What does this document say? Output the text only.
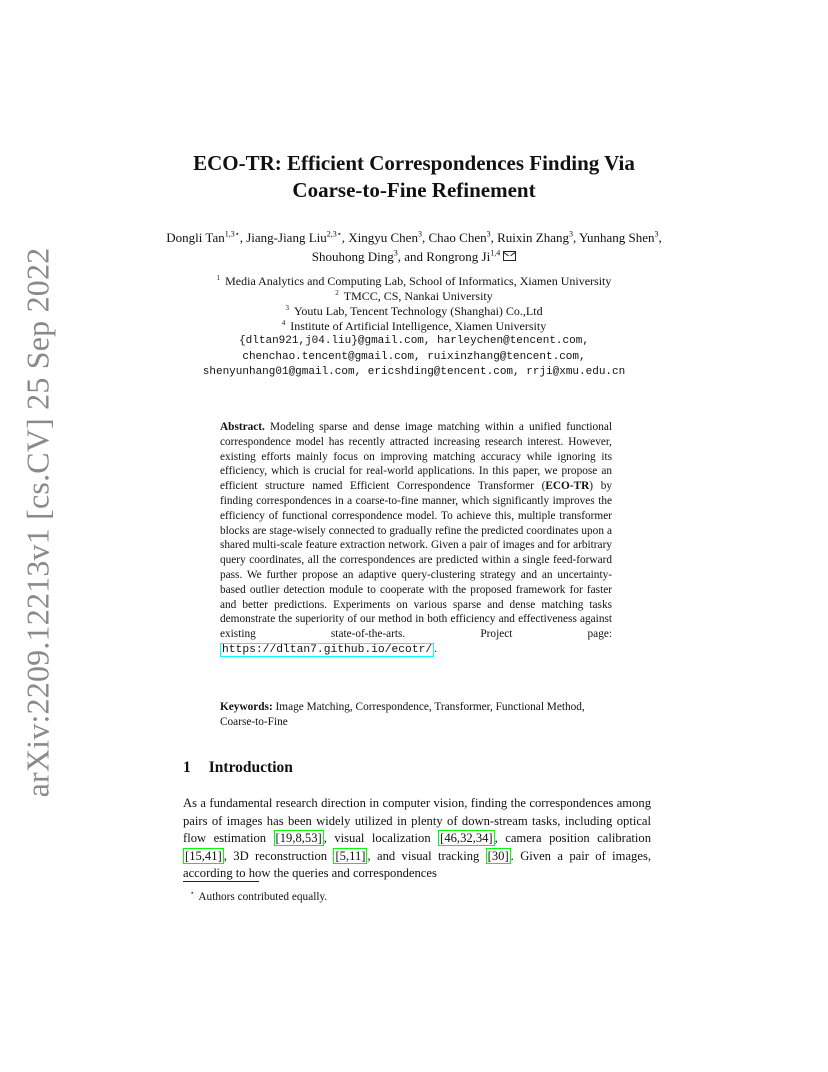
arXiv:2209.12213v1 [cs.CV] 25 Sep 2022
ECO-TR: Efficient Correspondences Finding Via
Coarse-to-Fine Refinement
Dongli Tan$^{1,3⋆}$, Jiang-Jiang Liu$^{2,3⋆}$, Xingyu Chen$^3$, Chao Chen$^3$, Ruixin Zhang$^3$, Yunhang Shen$^3$, Shouhong Ding$^3$, and Rongrong Ji$^{1,4}$
$^1$ Media Analytics and Computing Lab, School of Informatics, Xiamen University
$^2$ TMCC, CS, Nankai University
$^3$ Youtu Lab, Tencent Technology (Shanghai) Co.,Ltd
$^4$ Institute of Artificial Intelligence, Xiamen University
{dltan921,j04.liu}@gmail.com, harleychen@tencent.com,
chenchao.tencent@gmail.com, ruixinzhang@tencent.com,
shenyunhang01@gmail.com, ericshding@tencent.com, rrji@xmu.edu.cn
Abstract. Modeling sparse and dense image matching within a unified functional correspondence model has recently attracted increasing research interest. However, existing efforts mainly focus on improving matching accuracy while ignoring its efficiency, which is crucial for real-world applications. In this paper, we propose an efficient structure named Efficient Correspondence Transformer (ECO-TR) by finding correspondences in a coarse-to-fine manner, which significantly improves the efficiency of functional correspondence model. To achieve this, multiple transformer blocks are stage-wisely connected to gradually refine the predicted coordinates upon a shared multi-scale feature extraction network. Given a pair of images and for arbitrary query coordinates, all the correspondences are predicted within a single feed-forward pass. We further propose an adaptive query-clustering strategy and an uncertainty-based outlier detection module to cooperate with the proposed framework for faster and better predictions. Experiments on various sparse and dense matching tasks demonstrate the superiority of our method in both efficiency and effectiveness against existing state-of-the-arts. Project page: https://dltan7.github.io/ecotr/ .
Keywords: Image Matching, Correspondence, Transformer, Functional Method, Coarse-to-Fine
1 Introduction
As a fundamental research direction in computer vision, finding the correspondences among pairs of images has been widely utilized in plenty of down-stream tasks, including optical flow estimation [19,8,53] , visual localization [46,32,34] , camera position calibration [15,41] , 3D reconstruction [5,11] , and visual tracking [30] . Given a pair of images, according to how the queries and correspondences
⋆ Authors contributed equally.
